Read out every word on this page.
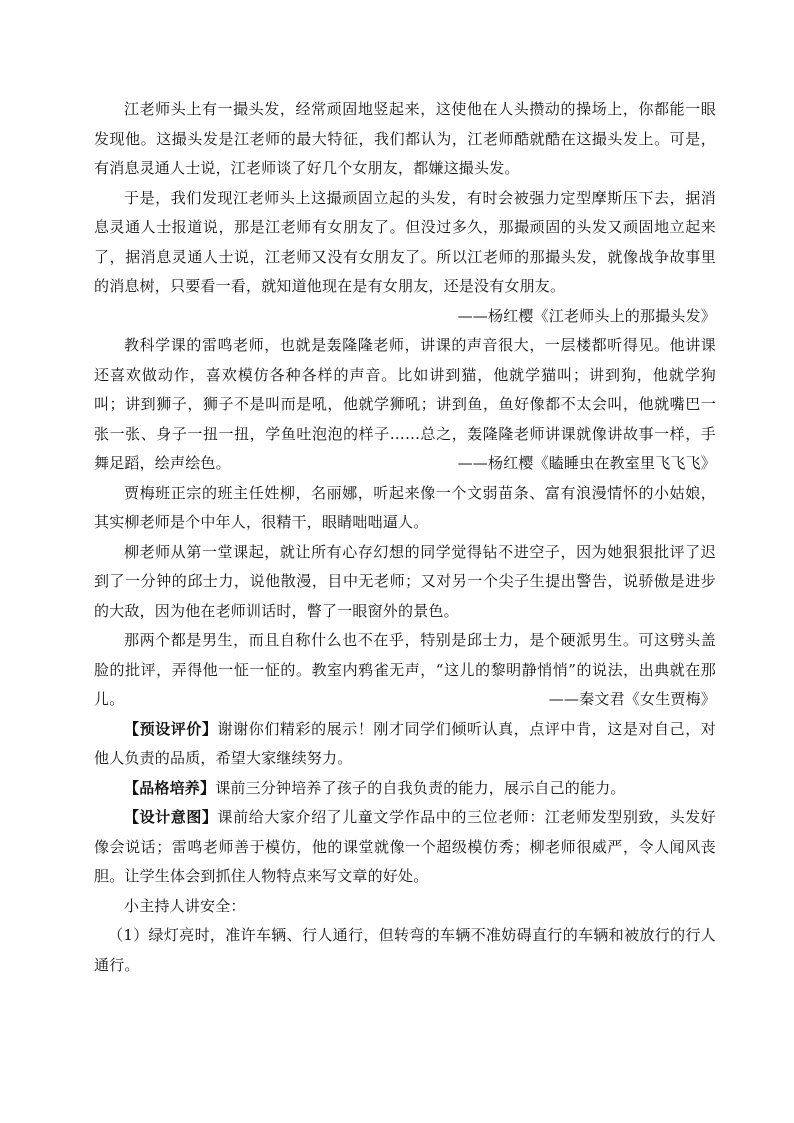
江老师头上有一撮头发，经常顽固地竖起来，这使他在人头攒动的操场上，你都能一眼发现他。这撮头发是江老师的最大特征，我们都认为，江老师酷就酷在这撮头发上。可是，有消息灵通人士说，江老师谈了好几个女朋友，都嫌这撮头发。

于是，我们发现江老师头上这撮顽固立起的头发，有时会被强力定型摩斯压下去，据消息灵通人士报道说，那是江老师有女朋友了。但没过多久，那撮顽固的头发又顽固地立起来了，据消息灵通人士说，江老师又没有女朋友了。所以江老师的那撮头发，就像战争故事里的消息树，只要看一看，就知道他现在是有女朋友，还是没有女朋友。

——杨红樱《江老师头上的那撮头发》

教科学课的雷鸣老师，也就是轰隆隆老师，讲课的声音很大，一层楼都听得见。他讲课还喜欢做动作，喜欢模仿各种各样的声音。比如讲到猫，他就学猫叫；讲到狗，他就学狗叫；讲到狮子，狮子不是叫而是吼，他就学狮吼；讲到鱼，鱼好像都不太会叫，他就嘴巴一张一张、身子一扭一扭，学鱼吐泡泡的样子……总之，轰隆隆老师讲课就像讲故事一样，手舞足蹈，绘声绘色。	——杨红樱《瞌睡虫在教室里飞飞飞》

贾梅班正宗的班主任姓柳，名丽娜，听起来像一个文弱苗条、富有浪漫情怀的小姑娘，其实柳老师是个中年人，很精干，眼睛咄咄逼人。

柳老师从第一堂课起，就让所有心存幻想的同学觉得钻不进空子，因为她狠狠批评了迟到了一分钟的邱士力，说他散漫，目中无老师；又对另一个尖子生提出警告，说骄傲是进步的大敌，因为他在老师训话时，瞥了一眼窗外的景色。

那两个都是男生，而且自称什么也不在乎，特别是邱士力，是个硬派男生。可这劈头盖脸的批评，弄得他一怔一怔的。教室内鸦雀无声，“这儿的黎明静悄悄”的说法，出典就在那儿。	——秦文君《女生贾梅》

【预设评价】谢谢你们精彩的展示！刚才同学们倾听认真，点评中肯，这是对自己，对他人负责的品质，希望大家继续努力。

【品格培养】课前三分钟培养了孩子的自我负责的能力，展示自己的能力。

【设计意图】课前给大家介绍了儿童文学作品中的三位老师：江老师发型别致，头发好像会说话；雷鸣老师善于模仿，他的课堂就像一个超级模仿秀；柳老师很威严，令人闻风丧胆。让学生体会到抓住人物特点来写文章的好处。

小主持人讲安全：

（1）绿灯亮时，准许车辆、行人通行，但转弯的车辆不准妨碍直行的车辆和被放行的行人通行。
